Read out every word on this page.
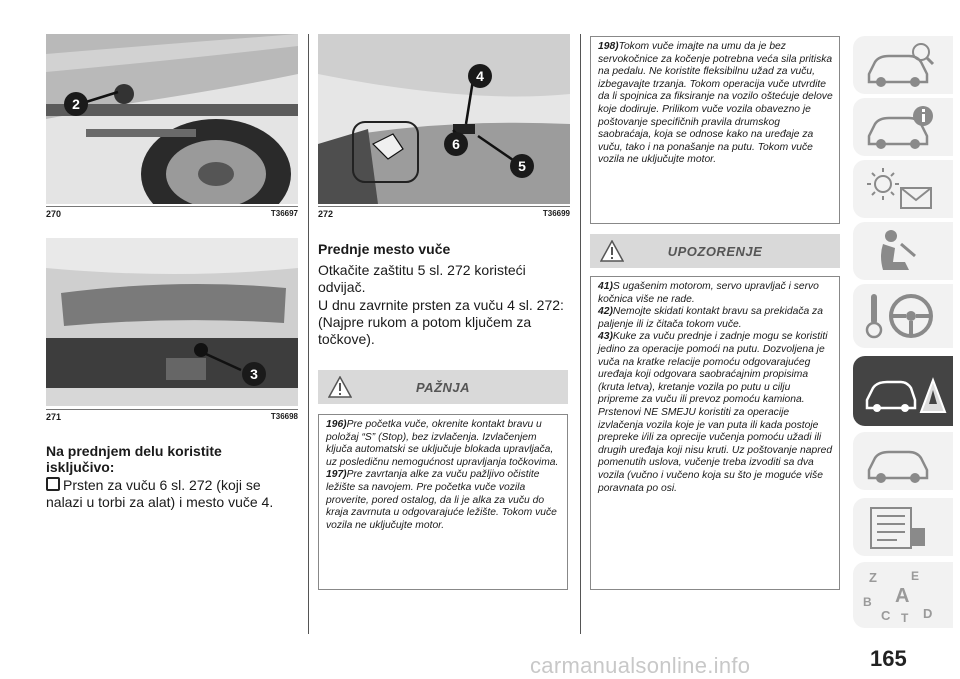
2
270	T36697
3
271	T36698
Na prednjem delu koristite isključivo:
Prsten za vuču 6 sl. 272 (koji se nalazi u torbi za alat) i mesto vuče 4.
4
6
5
272	T36699
Prednje mesto vuče
Otkačite zaštitu 5 sl. 272 koristeći odvijač.
U dnu zavrnite prsten za vuču 4 sl. 272: (Najpre rukom a potom ključem za točkove).
PAŽNJA

196)Pre početka vuče, okrenite kontakt bravu u položaj “S” (Stop), bez izvlačenja. Izvlačenjem ključa automatski se uključuje blokada upravljača, uz posledičnu nemogućnost upravljanja točkovima.

197)Pre zavrtanja alke za vuču pažljivo očistite ležište sa navojem. Pre početka vuče vozila proverite, pored ostalog, da li je alka za vuču do kraja zavrnuta u odgovarajuće ležište. Tokom vuče vozila ne uključujte motor.

198)Tokom vuče imajte na umu da je bez servokočnice za kočenje potrebna veća sila pritiska na pedalu. Ne koristite fleksibilnu užad za vuču, izbegavajte trzanja. Tokom operacija vuče utvrdite da li spojnica za fiksiranje na vozilo oštećuje delove koje dodiruje. Prilikom vuče vozila obavezno je poštovanje specifičnih pravila drumskog saobraćaja, koja se odnose kako na uređaje za vuču, tako i na ponašanje na putu. Tokom vuče vozila ne uključujte motor.

UPOZORENJE

41)S ugašenim motorom, servo upravljač i servo kočnica više ne rade.

42)Nemojte skidati kontakt bravu sa prekidača za paljenje ili iz čitača tokom vuče.

43)Kuke za vuču prednje i zadnje mogu se koristiti jedino za operacije pomoći na putu. Dozvoljena je vuča na kratke relacije pomoću odgovarajućeg uređaja koji odgovara saobraćajnim propisima (kruta letva), kretanje vozila po putu u cilju pripreme za vuču ili prevoz pomoću kamiona. Prstenovi NE SMEJU koristiti za operacije izvlačenja vozila koje je van puta ili kada postoje prepreke i/ili za oprecije vučenja pomoću užadi ili drugih uređaja koji nisu kruti. Uz poštovanje napred pomenutih uslova, vučenje treba izvoditi sa dva vozila (vučno i vučeno koja su što je moguće više poravnata po osi.

Z	E
A
B
C T D
165
carmanualsonline.info
